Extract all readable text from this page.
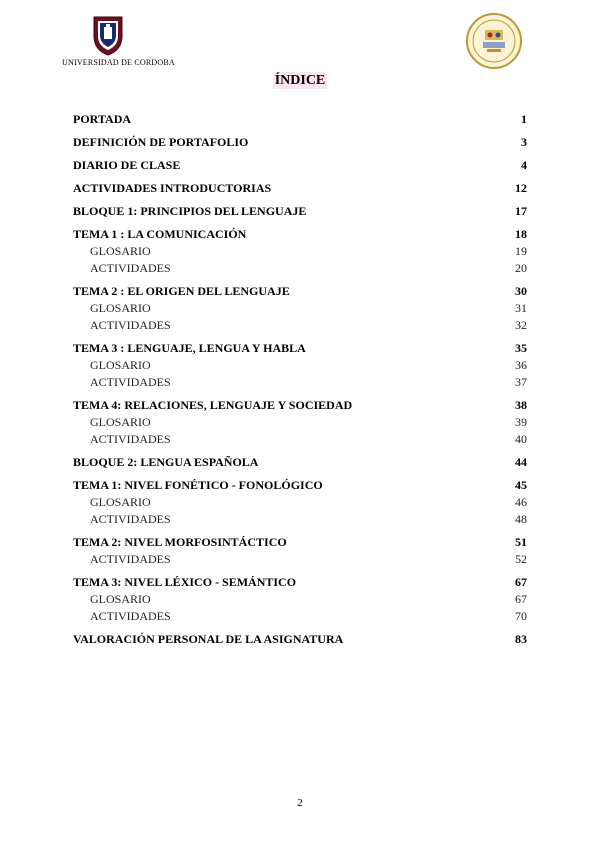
UNIVERSIDAD DE CORDOBA
ÍNDICE
PORTADA	1
DEFINICIÓN DE PORTAFOLIO	3
DIARIO DE CLASE	4
ACTIVIDADES INTRODUCTORIAS	12
BLOQUE 1: PRINCIPIOS DEL LENGUAJE	17
TEMA 1 : LA COMUNICACIÓN	18
GLOSARIO	19
ACTIVIDADES	20
TEMA 2 : EL ORIGEN DEL LENGUAJE	30
GLOSARIO	31
ACTIVIDADES	32
TEMA 3 : LENGUAJE, LENGUA Y HABLA	35
GLOSARIO	36
ACTIVIDADES	37
TEMA 4: RELACIONES, LENGUAJE Y SOCIEDAD	38
GLOSARIO	39
ACTIVIDADES	40
BLOQUE 2: LENGUA ESPAÑOLA	44
TEMA 1: NIVEL FONÉTICO - FONOLÓGICO	45
GLOSARIO	46
ACTIVIDADES	48
TEMA 2: NIVEL MORFOSINTÁCTICO	51
ACTIVIDADES	52
TEMA 3: NIVEL LÉXICO - SEMÁNTICO	67
GLOSARIO	67
ACTIVIDADES	70
VALORACIÓN PERSONAL DE LA ASIGNATURA	83
2
